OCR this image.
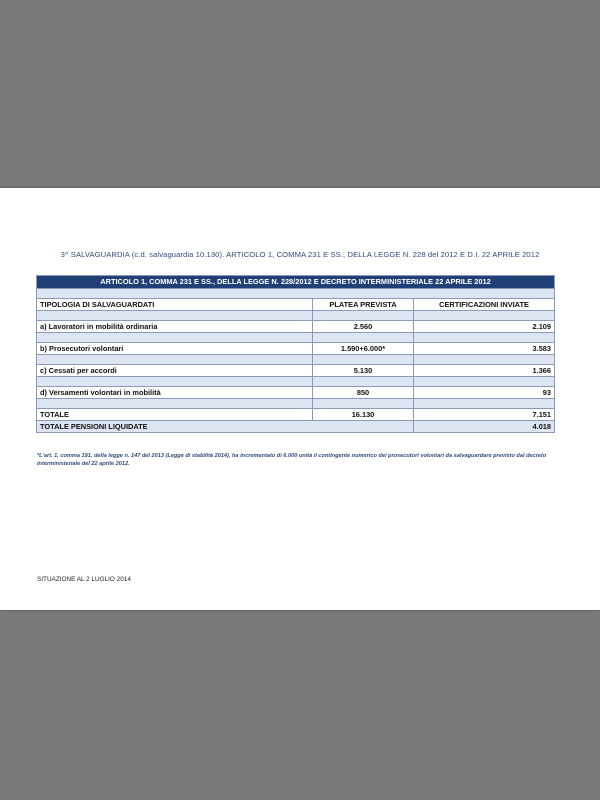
3^ SALVAGUARDIA (c.d. salvaguardia 10.130). ARTICOLO 1, COMMA 231 E SS., DELLA LEGGE N. 228 del 2012 E D.I. 22 APRILE 2012
ARTICOLO 1, COMMA 231 E SS., DELLA LEGGE N. 228/2012 E DECRETO INTERMINISTERIALE 22 APRILE 2012		

TIPOLOGIA DI SALVAGUARDATI	PLATEA PREVISTA	CERTIFICAZIONI INVIATE

a) Lavoratori in mobilità ordinaria	2.560	2.109

b) Prosecutori volontari	1.590+6.000*	3.583

c) Cessati per accordi	5.130	1.366

d) Versamenti volontari in mobilità	850	93

TOTALE	16.130	7.151
TOTALE PENSIONI LIQUIDATE		4.018
*L'art. 1, comma 191, della legge n. 147 del 2013 (Legge di stabilità 2014), ha incrementato di 6.000 unità il contingente numerico dei prosecutori volontari da salvaguardare previsto dal decreto interministeriale del 22 aprile 2012.
SITUAZIONE AL 2 LUGLIO 2014
